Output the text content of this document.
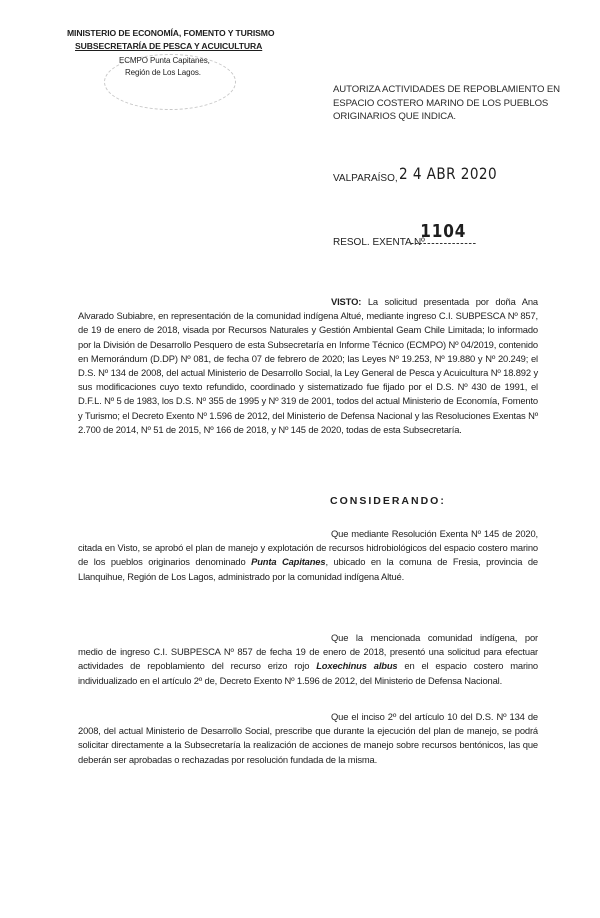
MINISTERIO DE ECONOMÍA, FOMENTO Y TURISMO
SUBSECRETARÍA DE PESCA Y ACUICULTURA
ECMPO Punta Capitanes,
Región de Los Lagos.
AUTORIZA ACTIVIDADES DE REPOBLAMIENTO EN ESPACIO COSTERO MARINO DE LOS PUEBLOS ORIGINARIOS QUE INDICA.
VALPARAÍSO, 2 4 ABR 2020
RESOL. EXENTA Nº
1104
VISTO: La solicitud presentada por doña Ana Alvarado Subiabre, en representación de la comunidad indígena Altué, mediante ingreso C.I. SUBPESCA Nº 857, de 19 de enero de 2018, visada por Recursos Naturales y Gestión Ambiental Geam Chile Limitada; lo informado por la División de Desarrollo Pesquero de esta Subsecretaría en Informe Técnico (ECMPO) Nº 04/2019, contenido en Memorándum (D.DP) Nº 081, de fecha 07 de febrero de 2020; las Leyes Nº 19.253, Nº 19.880 y Nº 20.249; el D.S. Nº 134 de 2008, del actual Ministerio de Desarrollo Social, la Ley General de Pesca y Acuicultura Nº 18.892 y sus modificaciones cuyo texto refundido, coordinado y sistematizado fue fijado por el D.S. Nº 430 de 1991, el D.F.L. Nº 5 de 1983, los D.S. Nº 355 de 1995 y Nº 319 de 2001, todos del actual Ministerio de Economía, Fomento y Turismo; el Decreto Exento Nº 1.596 de 2012, del Ministerio de Defensa Nacional y las Resoluciones Exentas Nº 2.700 de 2014, Nº 51 de 2015, Nº 166 de 2018, y Nº 145 de 2020, todas de esta Subsecretaría.
CONSIDERANDO:
Que mediante Resolución Exenta Nº 145 de 2020, citada en Visto, se aprobó el plan de manejo y explotación de recursos hidrobiológicos del espacio costero marino de los pueblos originarios denominado Punta Capitanes, ubicado en la comuna de Fresia, provincia de Llanquihue, Región de Los Lagos, administrado por la comunidad indígena Altué.
Que la mencionada comunidad indígena, por medio de ingreso C.I. SUBPESCA Nº 857 de fecha 19 de enero de 2018, presentó una solicitud para efectuar actividades de repoblamiento del recurso erizo rojo Loxechinus albus en el espacio costero marino individualizado en el artículo 2º de, Decreto Exento Nº 1.596 de 2012, del Ministerio de Defensa Nacional.
Que el inciso 2º del artículo 10 del D.S. Nº 134 de 2008, del actual Ministerio de Desarrollo Social, prescribe que durante la ejecución del plan de manejo, se podrá solicitar directamente a la Subsecretaría la realización de acciones de manejo sobre recursos bentónicos, las que deberán ser aprobadas o rechazadas por resolución fundada de la misma.
